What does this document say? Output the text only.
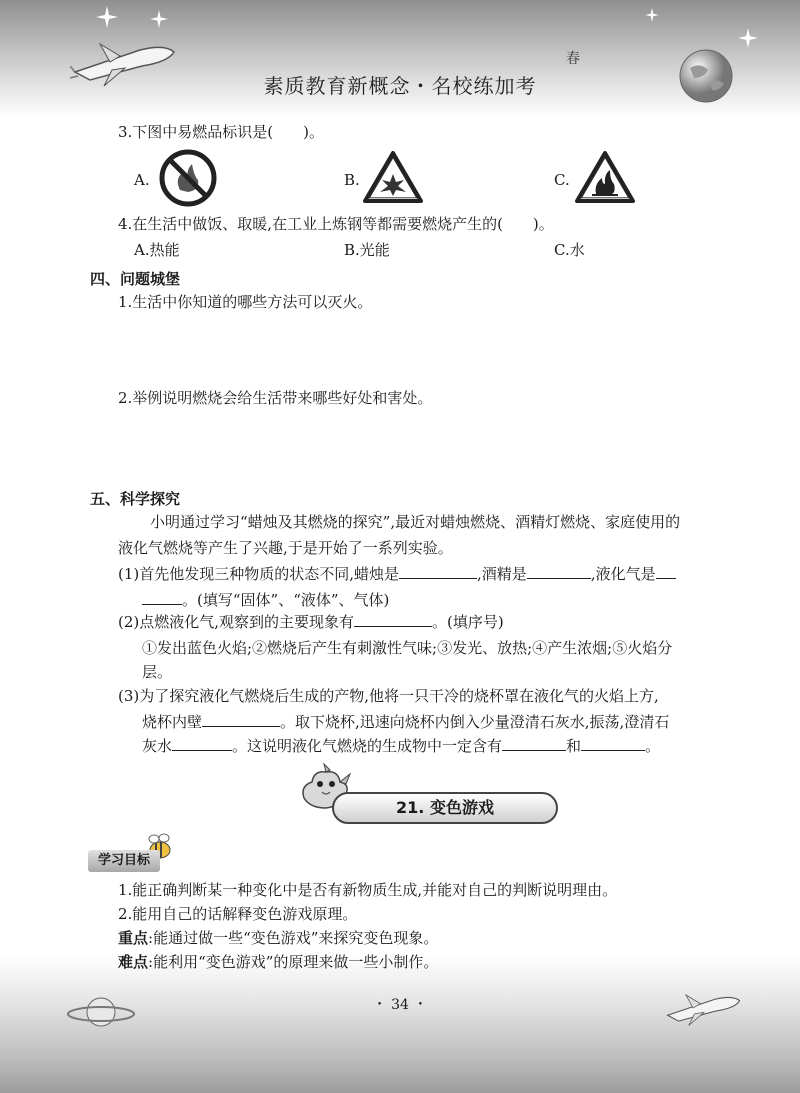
素质教育新概念・名校练加考
春
3.下图中易燃品标识是(　　)。
A.	B.	C.
4.在生活中做饭、取暖,在工业上炼钢等都需要燃烧产生的(　　)。
A.热能	B.光能	C.水
四、问题城堡
1.生活中你知道的哪些方法可以灭火。
2.举例说明燃烧会给生活带来哪些好处和害处。
五、科学探究
小明通过学习“蜡烛及其燃烧的探究”,最近对蜡烛燃烧、酒精灯燃烧、家庭使用的
液化气燃烧等产生了兴趣,于是开始了一系列实验。
(1)首先他发现三种物质的状态不同,蜡烛是	,酒精是	,液化气是
。(填写“固体”、“液体”、气体)
(2)点燃液化气,观察到的主要现象有	。(填序号)
①发出蓝色火焰;②燃烧后产生有刺激性气味;③发光、放热;④产生浓烟;⑤火焰分
层。
(3)为了探究液化气燃烧后生成的产物,他将一只干冷的烧杯罩在液化气的火焰上方,
烧杯内壁	。取下烧杯,迅速向烧杯内倒入少量澄清石灰水,振荡,澄清石
灰水	。这说明液化气燃烧的生成物中一定含有	和	。
21. 变色游戏
学习目标
1.能正确判断某一种变化中是否有新物质生成,并能对自己的判断说明理由。
2.能用自己的话解释变色游戏原理。
重点:能通过做一些“变色游戏”来探究变色现象。
难点:能利用“变色游戏”的原理来做一些小制作。
・ 34 ・
